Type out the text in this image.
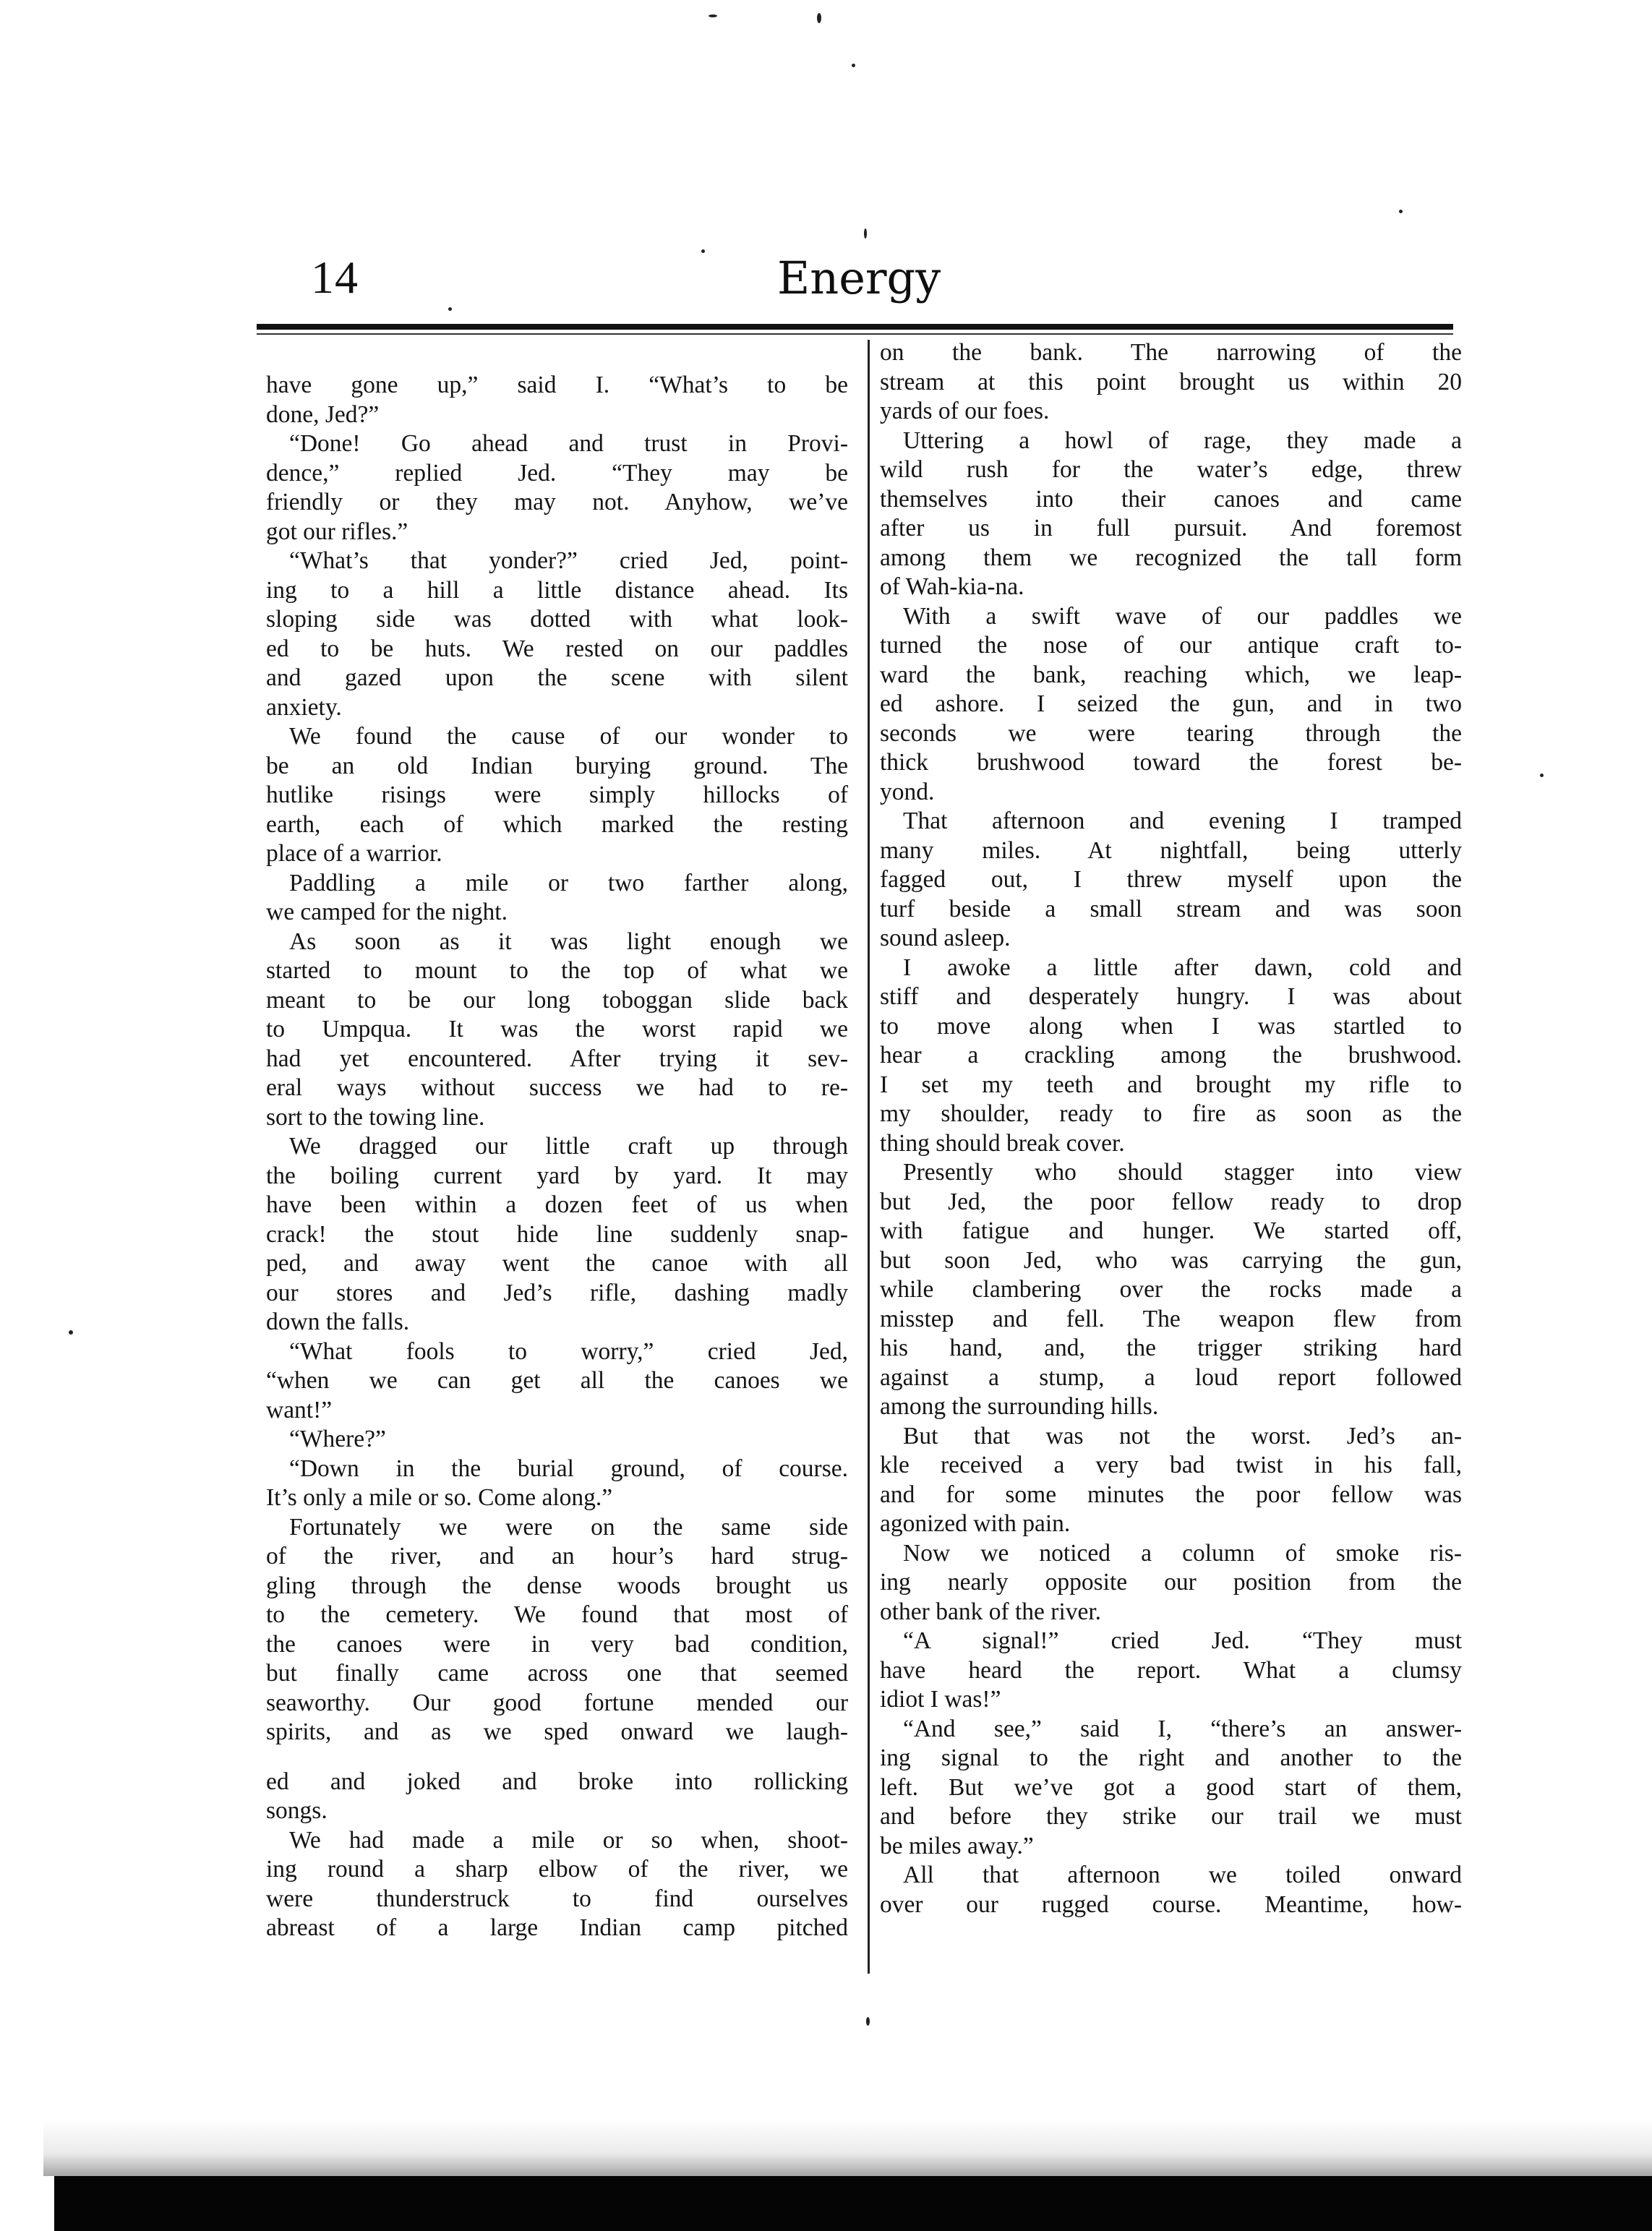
14	Energy
have gone up,” said I. “What’s to be
done, Jed?”
“Done! Go ahead and trust in Provi-
dence,” replied Jed. “They may be
friendly or they may not. Anyhow, we’ve
got our rifles.”
“What’s that yonder?” cried Jed, point-
ing to a hill a little distance ahead. Its
sloping side was dotted with what look-
ed to be huts. We rested on our paddles
and gazed upon the scene with silent
anxiety.
We found the cause of our wonder to
be an old Indian burying ground. The
hutlike risings were simply hillocks of
earth, each of which marked the resting
place of a warrior.
Paddling a mile or two farther along,
we camped for the night.
As soon as it was light enough we
started to mount to the top of what we
meant to be our long toboggan slide back
to Umpqua. It was the worst rapid we
had yet encountered. After trying it sev-
eral ways without success we had to re-
sort to the towing line.
We dragged our little craft up through
the boiling current yard by yard. It may
have been within a dozen feet of us when
crack! the stout hide line suddenly snap-
ped, and away went the canoe with all
our stores and Jed’s rifle, dashing madly
down the falls.
“What fools to worry,” cried Jed,
“when we can get all the canoes we
want!”
“Where?”
“Down in the burial ground, of course.
It’s only a mile or so. Come along.”
Fortunately we were on the same side
of the river, and an hour’s hard strug-
gling through the dense woods brought us
to the cemetery. We found that most of
the canoes were in very bad condition,
but finally came across one that seemed
seaworthy. Our good fortune mended our
spirits, and as we sped onward we laugh-
ed and joked and broke into rollicking
songs.
We had made a mile or so when, shoot-
ing round a sharp elbow of the river, we
were thunderstruck to find ourselves
abreast of a large Indian camp pitched
on the bank. The narrowing of the
stream at this point brought us within 20
yards of our foes.
Uttering a howl of rage, they made a
wild rush for the water’s edge, threw
themselves into their canoes and came
after us in full pursuit. And foremost
among them we recognized the tall form
of Wah-kia-na.
With a swift wave of our paddles we
turned the nose of our antique craft to-
ward the bank, reaching which, we leap-
ed ashore. I seized the gun, and in two
seconds we were tearing through the
thick brushwood toward the forest be-
yond.
That afternoon and evening I tramped
many miles. At nightfall, being utterly
fagged out, I threw myself upon the
turf beside a small stream and was soon
sound asleep.
I awoke a little after dawn, cold and
stiff and desperately hungry. I was about
to move along when I was startled to
hear a crackling among the brushwood.
I set my teeth and brought my rifle to
my shoulder, ready to fire as soon as the
thing should break cover.
Presently who should stagger into view
but Jed, the poor fellow ready to drop
with fatigue and hunger. We started off,
but soon Jed, who was carrying the gun,
while clambering over the rocks made a
misstep and fell. The weapon flew from
his hand, and, the trigger striking hard
against a stump, a loud report followed
among the surrounding hills.
But that was not the worst. Jed’s an-
kle received a very bad twist in his fall,
and for some minutes the poor fellow was
agonized with pain.
Now we noticed a column of smoke ris-
ing nearly opposite our position from the
other bank of the river.
“A signal!” cried Jed. “They must
have heard the report. What a clumsy
idiot I was!”
“And see,” said I, “there’s an answer-
ing signal to the right and another to the
left. But we’ve got a good start of them,
and before they strike our trail we must
be miles away.”
All that afternoon we toiled onward
over our rugged course. Meantime, how-
